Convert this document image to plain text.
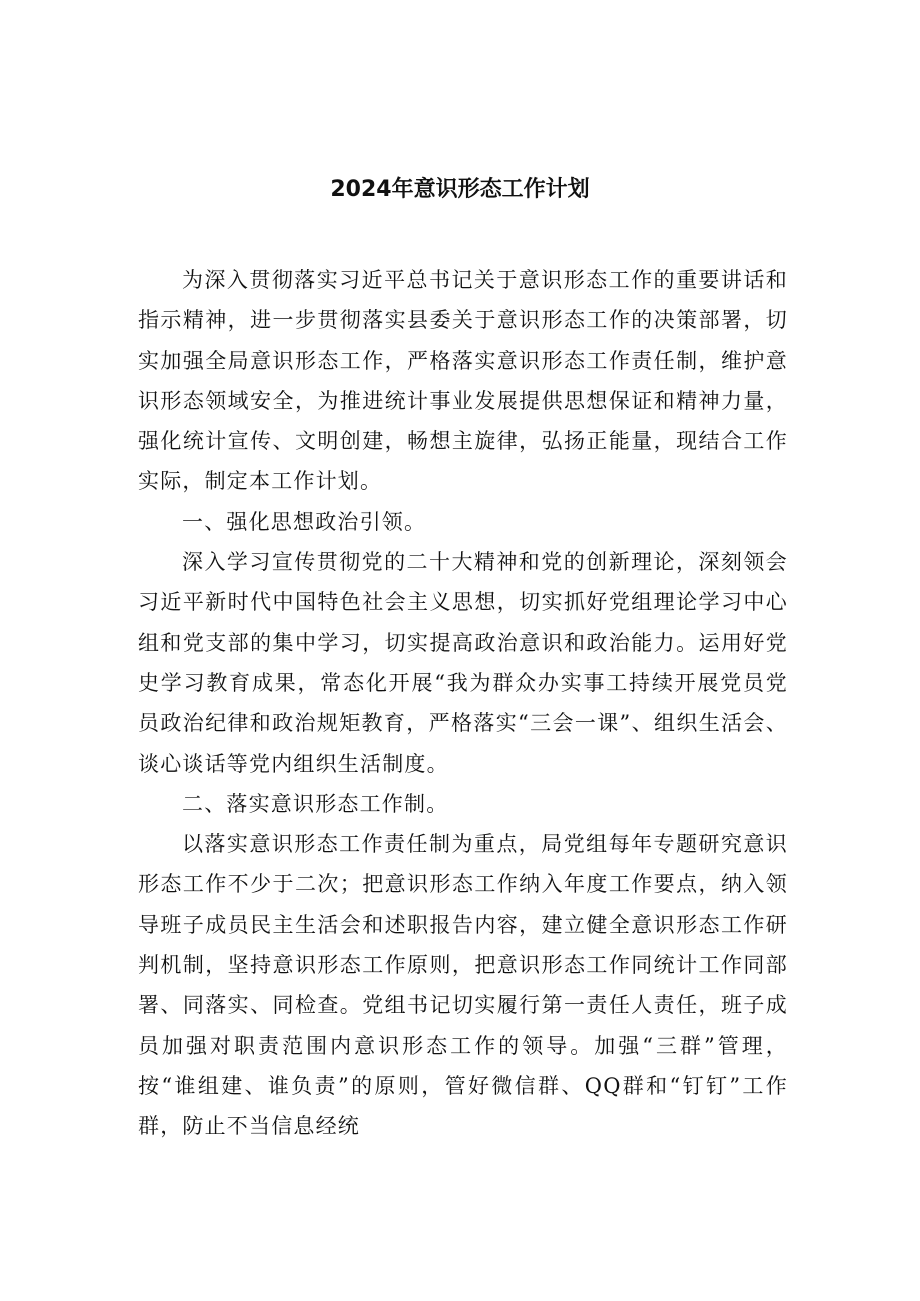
2024年意识形态工作计划

为深入贯彻落实习近平总书记关于意识形态工作的重要讲话和指示精神，进一步贯彻落实县委关于意识形态工作的决策部署，切实加强全局意识形态工作，严格落实意识形态工作责任制，维护意识形态领域安全，为推进统计事业发展提供思想保证和精神力量，强化统计宣传、文明创建，畅想主旋律，弘扬正能量，现结合工作实际，制定本工作计划。

一、强化思想政治引领。

深入学习宣传贯彻党的二十大精神和党的创新理论，深刻领会习近平新时代中国特色社会主义思想，切实抓好党组理论学习中心组和党支部的集中学习，切实提高政治意识和政治能力。运用好党史学习教育成果，常态化开展“我为群众办实事工持续开展党员党员政治纪律和政治规矩教育，严格落实“三会一课”、组织生活会、谈心谈话等党内组织生活制度。

二、落实意识形态工作制。

以落实意识形态工作责任制为重点，局党组每年专题研究意识形态工作不少于二次；把意识形态工作纳入年度工作要点，纳入领导班子成员民主生活会和述职报告内容，建立健全意识形态工作研判机制，坚持意识形态工作原则，把意识形态工作同统计工作同部署、同落实、同检查。党组书记切实履行第一责任人责任，班子成员加强对职责范围内意识形态工作的领导。加强“三群”管理，按“谁组建、谁负责”的原则，管好微信群、QQ群和“钉钉”工作群，防止不当信息经统
